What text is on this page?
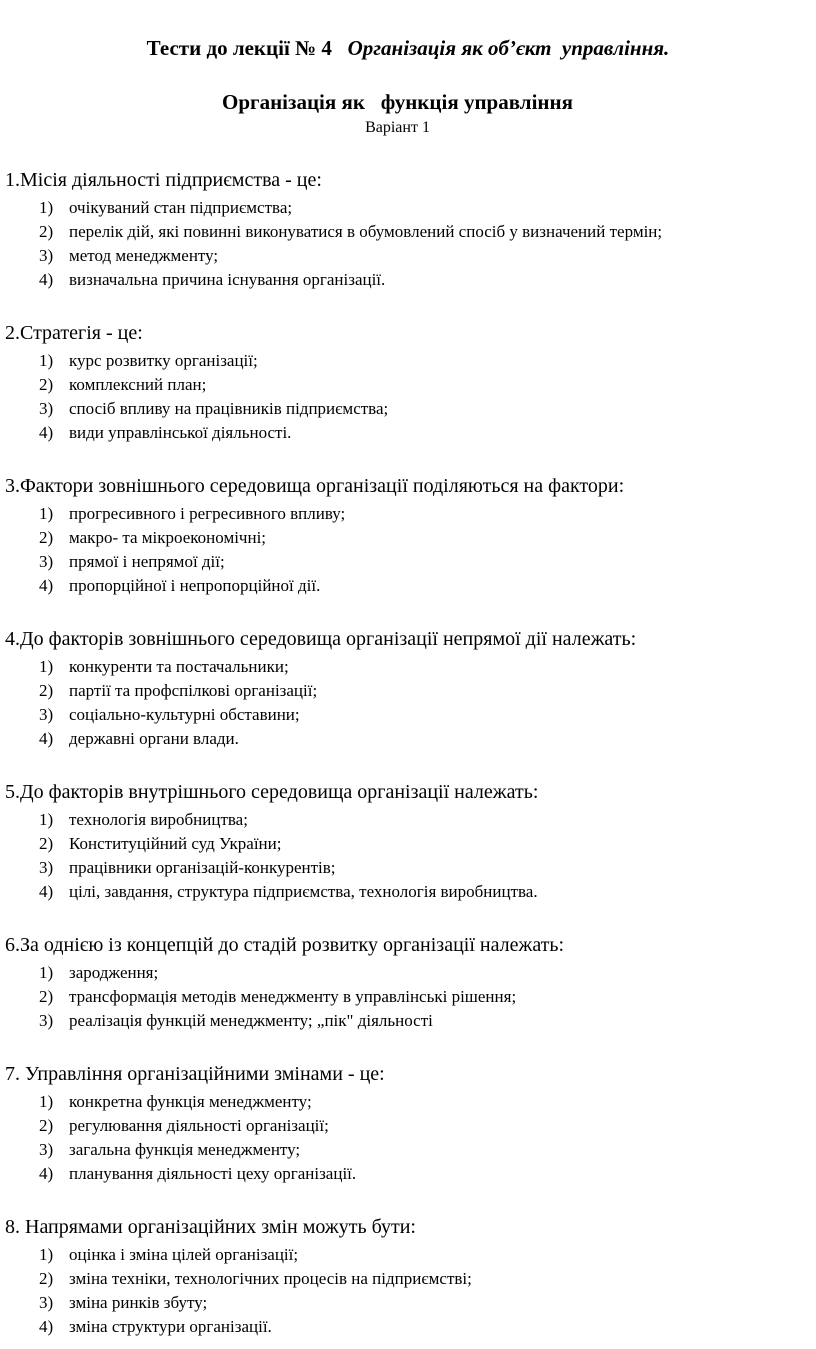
Тести до лекції № 4   Організація як об’єкт  управління.

Організація як   функція управління
Варіант 1
1.Місія діяльності підприємства - це:
1) очікуваний стан підприємства;
2) перелік дій, які повинні виконуватися в обумовлений спосіб у визначений термін;
3) метод менеджменту;
4) визначальна причина існування організації.
2.Стратегія - це:
1) курс розвитку організації;
2) комплексний план;
3) спосіб впливу на працівників підприємства;
4) види управлінської діяльності.
3.Фактори зовнішнього середовища організації поділяються на фактори:
1) прогресивного і регресивного впливу;
2) макро- та мікроекономічні;
3) прямої і непрямої дії;
4) пропорційної і непропорційної дії.
4.До факторів зовнішнього середовища організації непрямої дії належать:
1) конкуренти та постачальники;
2) партії та профспілкові організації;
3) соціально-культурні обставини;
4) державні органи влади.
5.До факторів внутрішнього середовища організації належать:
1) технологія виробництва;
2) Конституційний суд України;
3) працівники організацій-конкурентів;
4) цілі, завдання, структура підприємства, технологія виробництва.
6.За однією із концепцій до стадій розвитку організації належать:
1) зародження;
2) трансформація методів менеджменту в управлінські рішення;
3) реалізація функцій менеджменту; „пік" діяльності
7. Управління організаційними змінами - це:
1) конкретна функція менеджменту;
2) регулювання діяльності організації;
3) загальна функція менеджменту;
4) планування діяльності цеху організації.
8. Напрямами організаційних змін можуть бути:
1) оцінка і зміна цілей організації;
2) зміна техніки, технологічних процесів на підприємстві;
3) зміна ринків збуту;
4) зміна структури організації.
